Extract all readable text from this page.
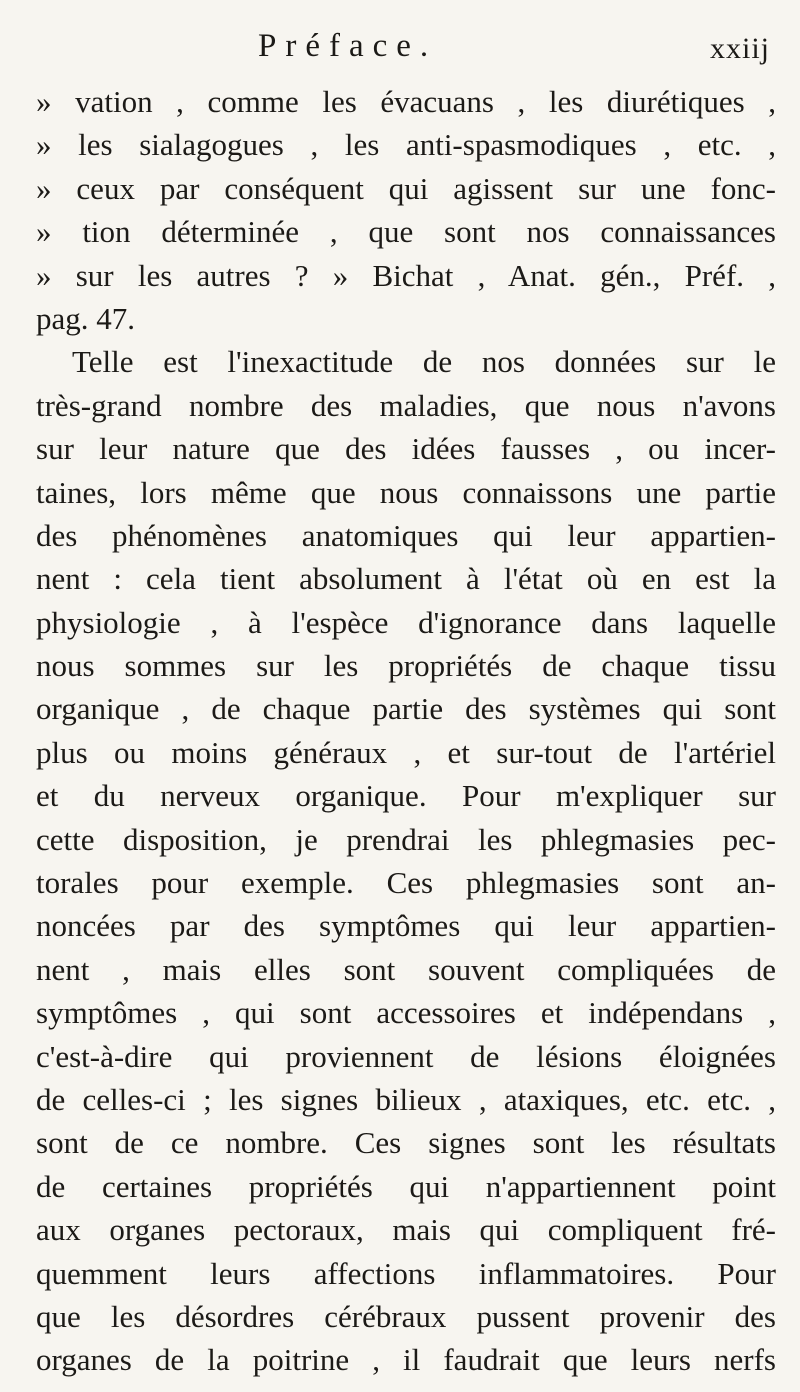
Préface.	xxiij
» vation , comme les évacuans , les diurétiques ,
» les sialagogues , les anti-spasmodiques , etc. ,
» ceux par conséquent qui agissent sur une fonc-
» tion déterminée , que sont nos connaissances
» sur les autres ? » Bichat , Anat. gén., Préf. ,
pag. 47.
Telle est l'inexactitude de nos données sur le
très-grand nombre des maladies, que nous n'avons
sur leur nature que des idées fausses , ou incer-
taines, lors même que nous connaissons une partie
des phénomènes anatomiques qui leur appartien-
nent : cela tient absolument à l'état où en est la
physiologie , à l'espèce d'ignorance dans laquelle
nous sommes sur les propriétés de chaque tissu
organique , de chaque partie des systèmes qui sont
plus ou moins généraux , et sur-tout de l'artériel
et du nerveux organique. Pour m'expliquer sur
cette disposition, je prendrai les phlegmasies pec-
torales pour exemple. Ces phlegmasies sont an-
noncées par des symptômes qui leur appartien-
nent , mais elles sont souvent compliquées de
symptômes , qui sont accessoires et indépendans ,
c'est-à-dire qui proviennent de lésions éloignées
de celles-ci ; les signes bilieux , ataxiques, etc. etc. ,
sont de ce nombre. Ces signes sont les résultats
de certaines propriétés qui n'appartiennent point
aux organes pectoraux, mais qui compliquent fré-
quemment leurs affections inflammatoires. Pour
que les désordres cérébraux pussent provenir des
organes de la poitrine , il faudrait que leurs nerfs
